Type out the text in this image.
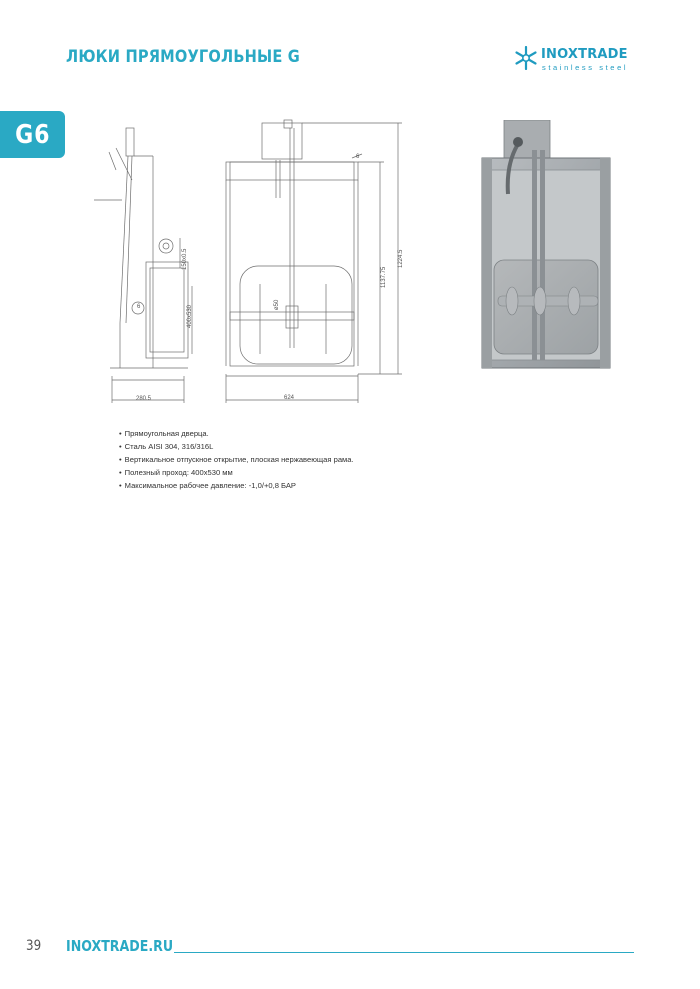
ЛЮКИ ПРЯМОУГОЛЬНЫЕ G	INOXTRADE
stainless steel
G6
280.5	624
1137.75
1224.5
400x530
150x0.5
ø50
6
6
• Прямоугольная дверца.
• Сталь AISI 304, 316/316L
• Вертикальное отпускное открытие, плоская нержавеющая рама.
• Полезный проход: 400х530 мм
• Максимальное рабочее давление: -1,0/+0,8 БАР
39 INOXTRADE.RU
